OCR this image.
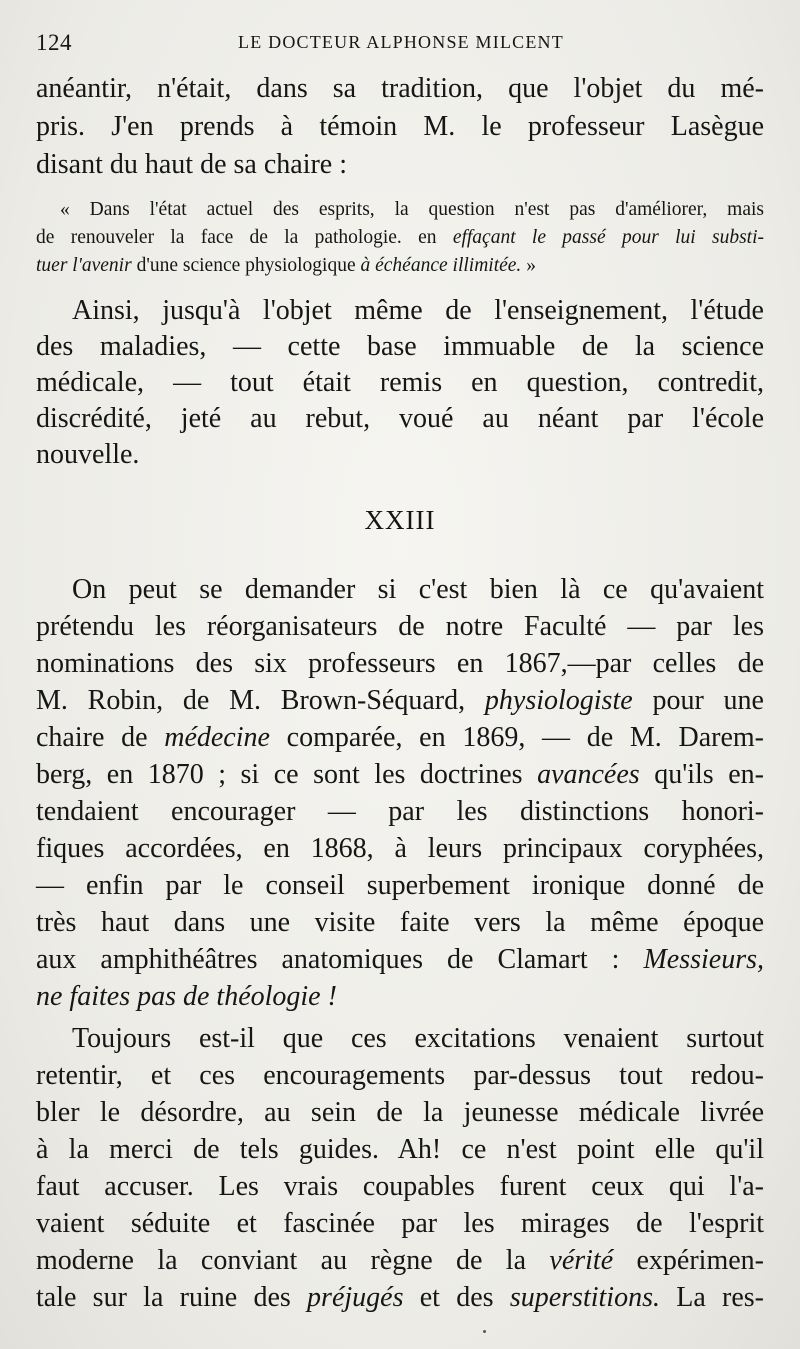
124	LE DOCTEUR ALPHONSE MILCENT
anéantir, n'était, dans sa tradition, que l'objet du mé-
pris. J'en prends à témoin M. le professeur Lasègue
disant du haut de sa chaire :
« Dans l'état actuel des esprits, la question n'est pas d'améliorer, mais
de renouveler la face de la pathologie. en effaçant le passé pour lui substi-
tuer l'avenir d'une science physiologique à échéance illimitée. »
Ainsi, jusqu'à l'objet même de l'enseignement, l'étude
des maladies, — cette base immuable de la science
médicale, — tout était remis en question, contredit,
discrédité, jeté au rebut, voué au néant par l'école
nouvelle.
XXIII
On peut se demander si c'est bien là ce qu'avaient
prétendu les réorganisateurs de notre Faculté — par les
nominations des six professeurs en 1867,—par celles de
M. Robin, de M. Brown-Séquard, physiologiste pour une
chaire de médecine comparée, en 1869, — de M. Darem-
berg, en 1870 ; si ce sont les doctrines avancées qu'ils en-
tendaient encourager — par les distinctions honori-
fiques accordées, en 1868, à leurs principaux coryphées,
— enfin par le conseil superbement ironique donné de
très haut dans une visite faite vers la même époque
aux amphithéâtres anatomiques de Clamart : Messieurs,
ne faites pas de théologie !
Toujours est-il que ces excitations venaient surtout
retentir, et ces encouragements par-dessus tout redou-
bler le désordre, au sein de la jeunesse médicale livrée
à la merci de tels guides. Ah! ce n'est point elle qu'il
faut accuser. Les vrais coupables furent ceux qui l'a-
vaient séduite et fascinée par les mirages de l'esprit
moderne la conviant au règne de la vérité expérimen-
tale sur la ruine des préjugés et des superstitions. La res-
